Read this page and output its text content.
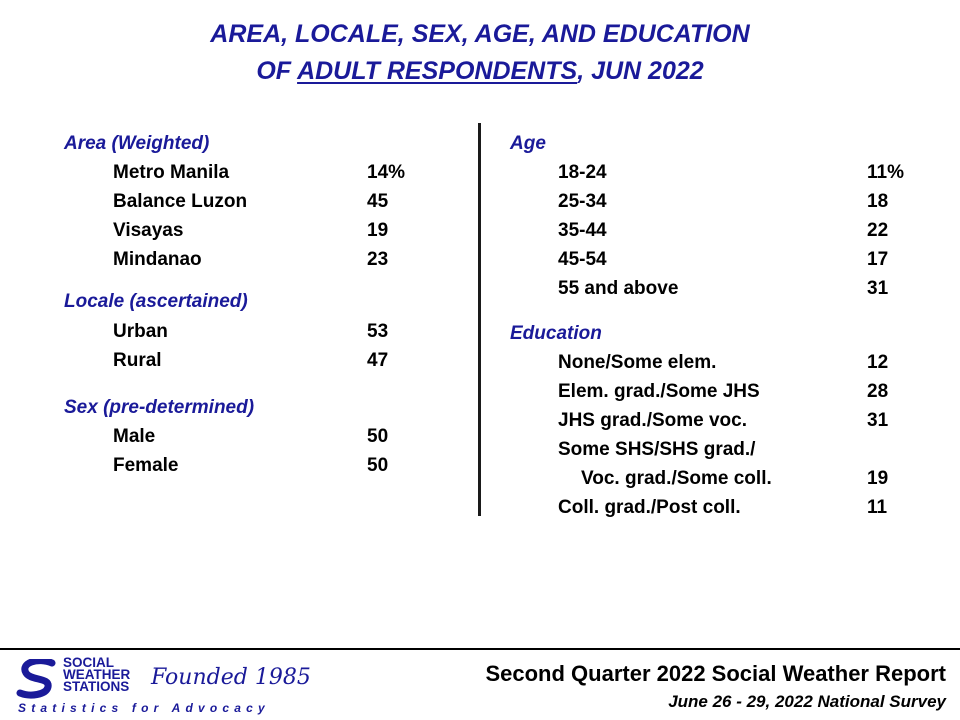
AREA, LOCALE, SEX, AGE, AND EDUCATION
OF ADULT RESPONDENTS, JUN 2022
Area (Weighted)
Metro Manila	14%
Balance Luzon	45
Visayas	19
Mindanao	23
Locale (ascertained)
Urban	53
Rural	47
Sex (pre-determined)
Male	50
Female	50
Age
18-24	11%
25-34	18
35-44	22
45-54	17
55 and above	31
Education
None/Some elem.	12
Elem. grad./Some JHS	28
JHS grad./Some voc.	31
Some SHS/SHS grad./
Voc. grad./Some coll.	19
Coll. grad./Post coll.	11
SOCIAL
WEATHER
STATIONS Founded 1985
Statistics for Advocacy
Second Quarter 2022 Social Weather Report
June 26 - 29, 2022 National Survey
